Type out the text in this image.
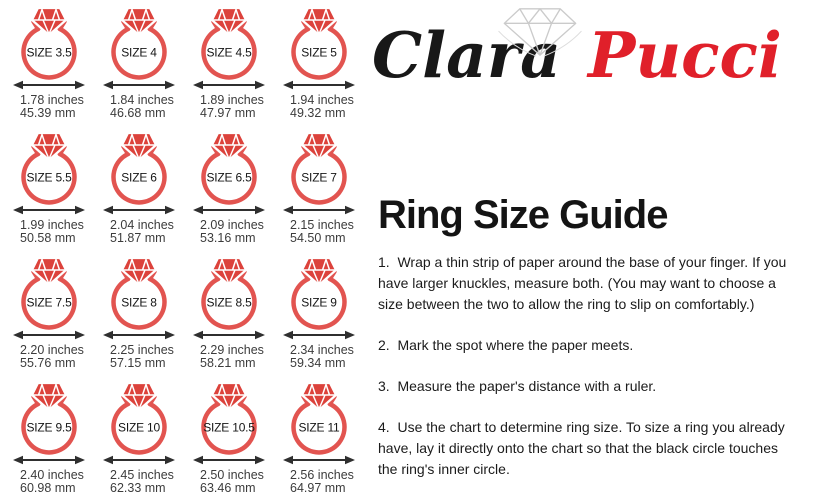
SIZE 3.5
1.78 inches
45.39 mm
SIZE 4
1.84 inches
46.68 mm
SIZE 4.5
1.89 inches
47.97 mm
SIZE 5
1.94 inches
49.32 mm
SIZE 5.5
1.99 inches
50.58 mm
SIZE 6
2.04 inches
51.87 mm
SIZE 6.5
2.09 inches
53.16 mm
SIZE 7
2.15 inches
54.50 mm
SIZE 7.5
2.20 inches
55.76 mm
SIZE 8
2.25 inches
57.15 mm
SIZE 8.5
2.29 inches
58.21 mm
SIZE 9
2.34 inches
59.34 mm
SIZE 9.5
2.40 inches
60.98 mm
SIZE 10
2.45 inches
62.33 mm
SIZE 10.5
2.50 inches
63.46 mm
SIZE 11
2.56 inches
64.97 mm
Clara Pucci
Ring Size Guide
1.  Wrap a thin strip of paper around the base of your finger. If you
have larger knuckles, measure both. (You may want to choose a
size between the two to allow the ring to slip on comfortably.)
2.  Mark the spot where the paper meets.
3.  Measure the paper's distance with a ruler.
4.  Use the chart to determine ring size. To size a ring you already
have, lay it directly onto the chart so that the black circle touches
the ring's inner circle.
